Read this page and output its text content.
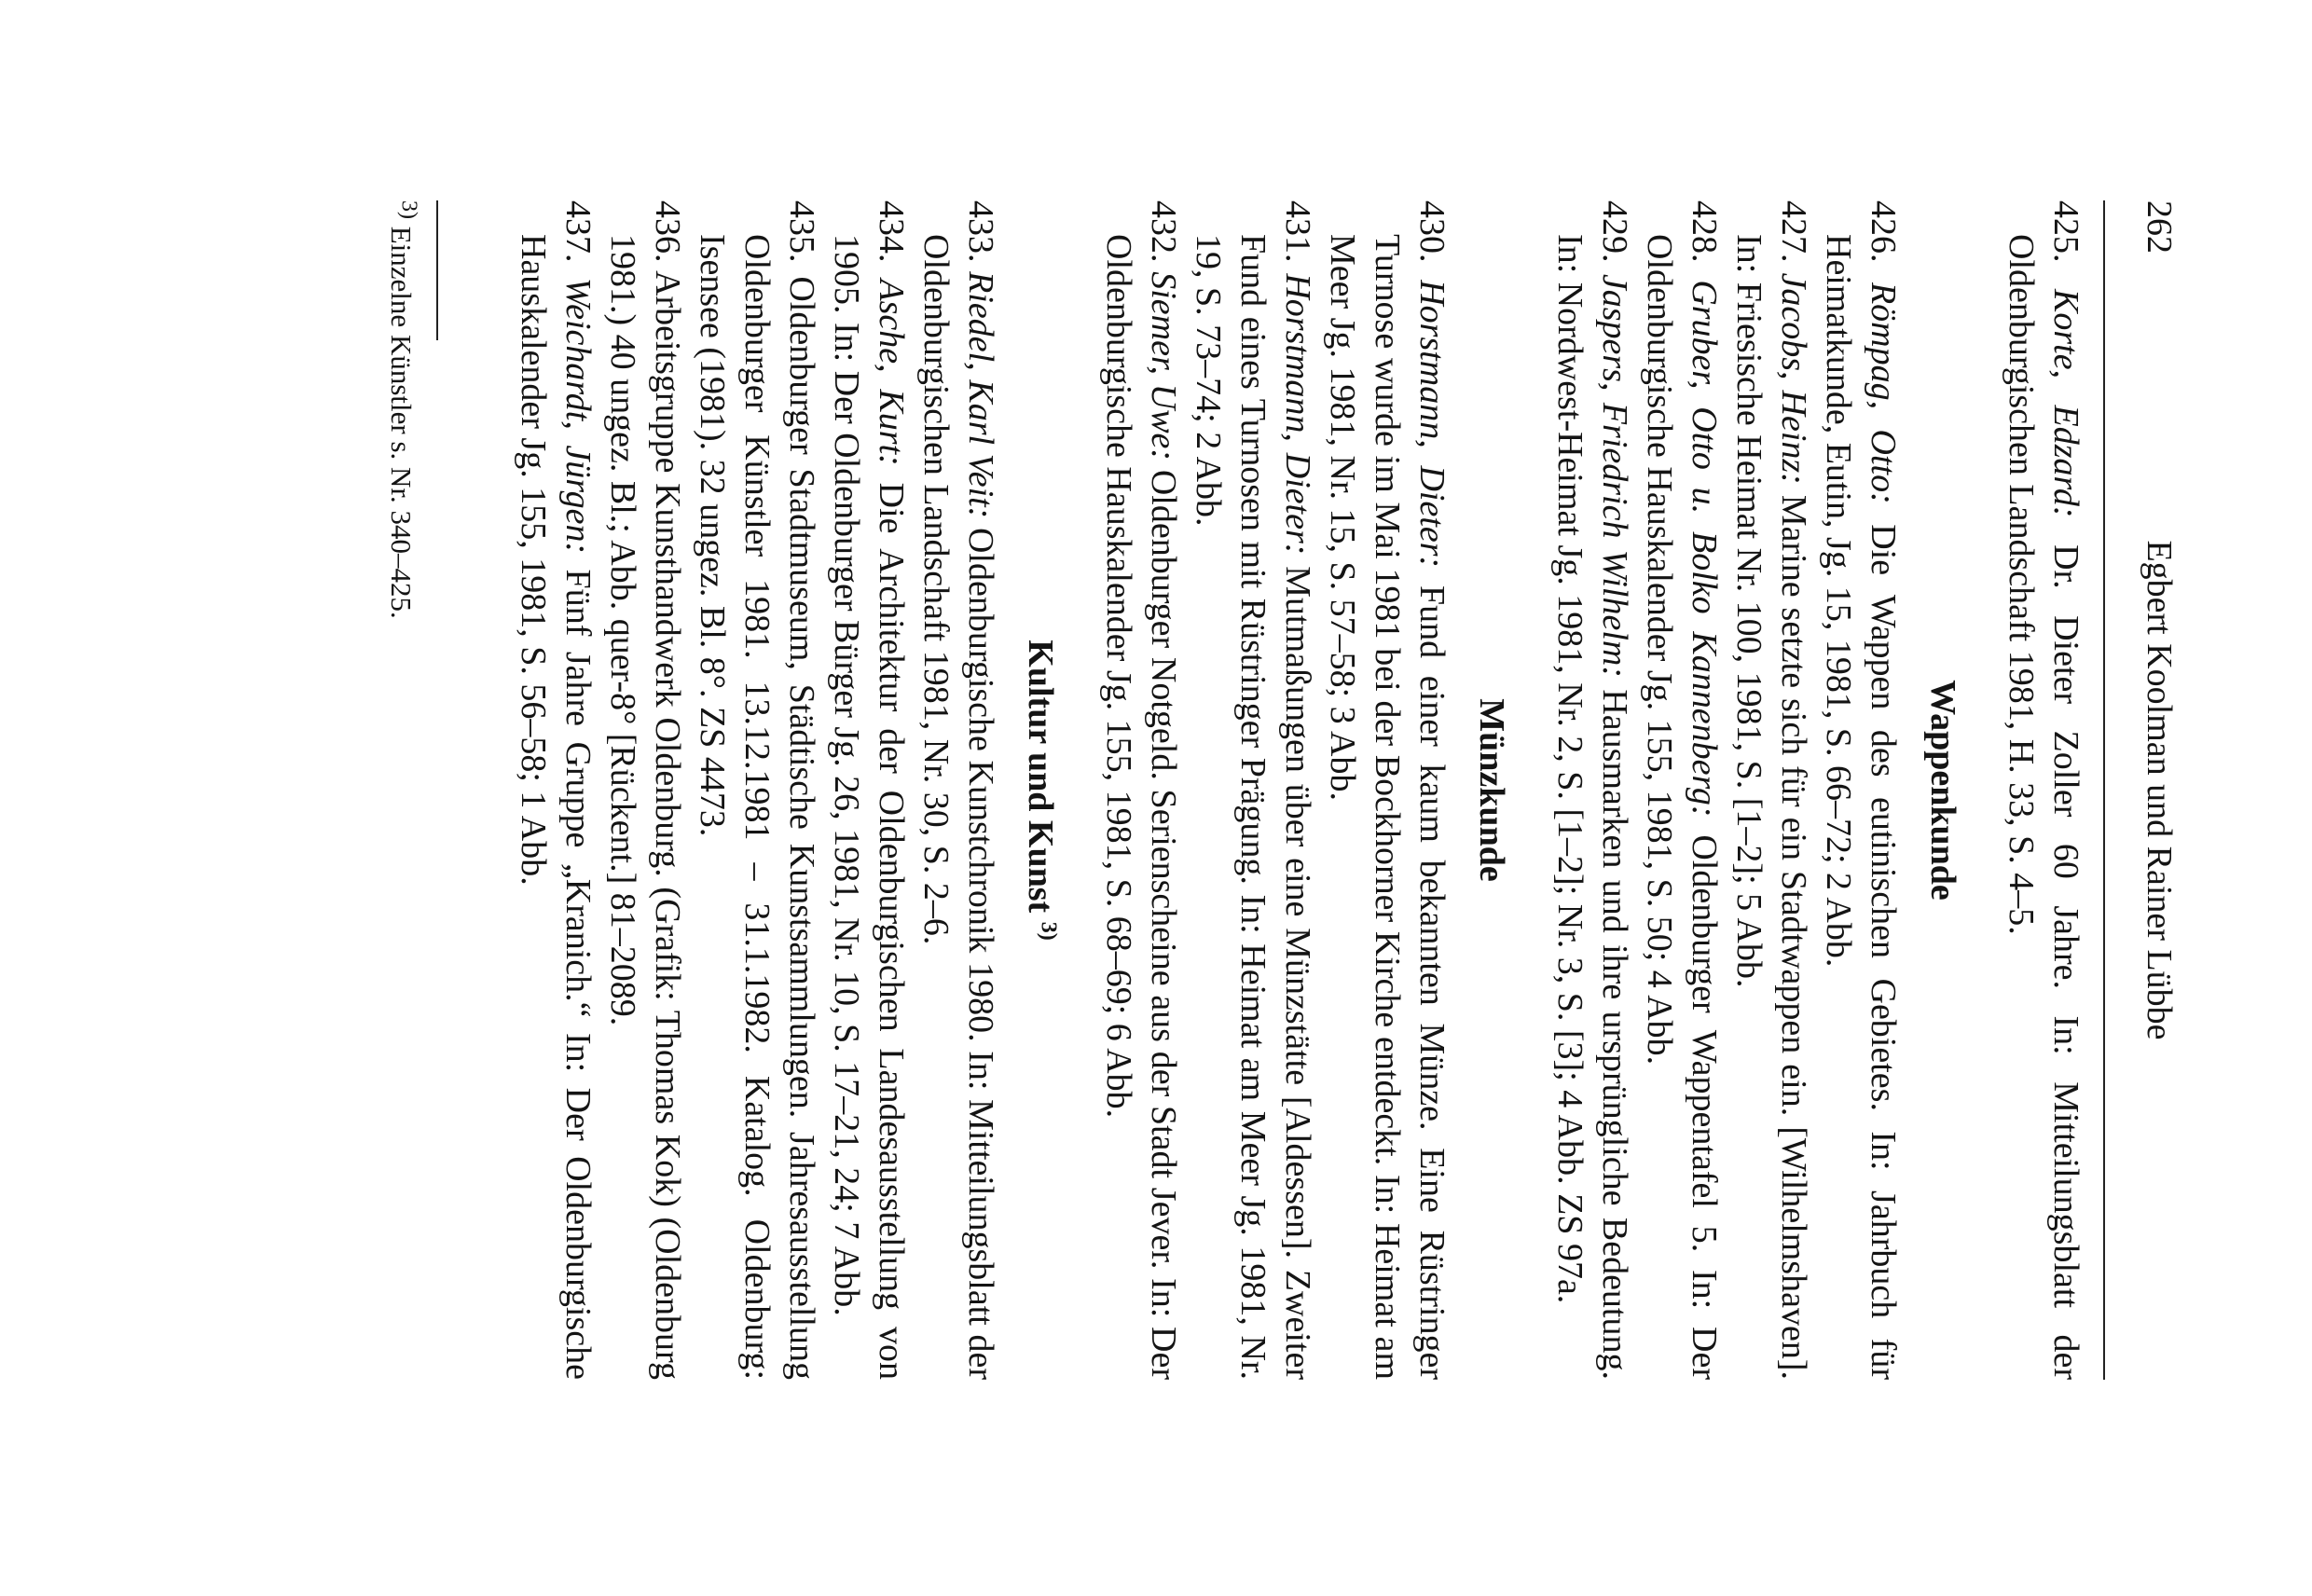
262
Egbert Koolman und Rainer Lübbe

425. Korte, Edzard: Dr. Dieter Zoller 60 Jahre. In: Mitteilungsblatt der Oldenburgischen Landschaft 1981, H. 33, S. 4–5.

Wappenkunde

426. Römpag, Otto: Die Wappen des eutinischen Gebietes. In: Jahrbuch für Heimatkunde, Eutin, Jg. 15, 1981, S. 66–72; 2 Abb.

427. Jacobs, Heinz: Marine setzte sich für ein Stadtwappen ein. [Wilhelmshaven]. In: Friesische Heimat Nr. 100, 1981, S. [1–2]; 5 Abb.

428. Gruber, Otto u. Bolko Kannenberg: Oldenburger Wappentafel 5. In: Der Oldenburgische Hauskalender Jg. 155, 1981, S. 50; 4 Abb.

429. Jaspers, Friedrich Wilhelm: Hausmarken und ihre ursprüngliche Bedeutung. In: Nordwest-Heimat Jg. 1981, Nr. 2, S. [1–2]; Nr. 3, S. [3]; 4 Abb. ZS 97a.

Münzkunde

430. Horstmann, Dieter: Fund einer kaum bekannten Münze. Eine Rüstringer Turnose wurde im Mai 1981 bei der Bockhorner Kirche entdeckt. In: Heimat am Meer Jg. 1981, Nr. 15, S. 57–58; 3 Abb.

431. Horstmann, Dieter: Mutmaßungen über eine Münzstätte [Aldessen]. Zweiter Fund eines Turnosen mit Rüstringer Prägung. In: Heimat am Meer Jg. 1981, Nr. 19, S. 73–74; 2 Abb.

432. Siemer, Uwe: Oldenburger Notgeld. Serienscheine aus der Stadt Jever. In: Der Oldenburgische Hauskalender Jg. 155, 1981, S. 68–69; 6 Abb.

Kultur und Kunst $^{3)}$

433. Riedel, Karl Veit: Oldenburgische Kunstchronik 1980. In: Mitteilungsblatt der Oldenburgischen Landschaft 1981, Nr. 30, S. 2–6.

434. Asche, Kurt: Die Architektur der Oldenburgischen Landesausstellung von 1905. In: Der Oldenburger Bürger Jg. 26, 1981, Nr. 10, S. 17–21, 24; 7 Abb.

435. Oldenburger Stadtmuseum, Städtische Kunstsammlungen. Jahresausstellung Oldenburger Künstler 1981. 13.12.1981 – 31.1.1982. Katalog. Oldenburg: Isensee (1981). 32 ungez. Bl. 8°. ZS 4473.

436. Arbeitsgruppe Kunsthandwerk Oldenburg. (Grafik: Thomas Kok) (Oldenburg 1981.) 40 ungez. Bl.; Abb. quer-8° [Rückent.] 81–2089.

437. Weichardt, Jürgen: Fünf Jahre Gruppe „Kranich.“ In: Der Oldenburgische Hauskalender Jg. 155, 1981, S. 56–58; 1 Abb.

$^{3)}$ Einzelne Künstler s. Nr. 340–425.
